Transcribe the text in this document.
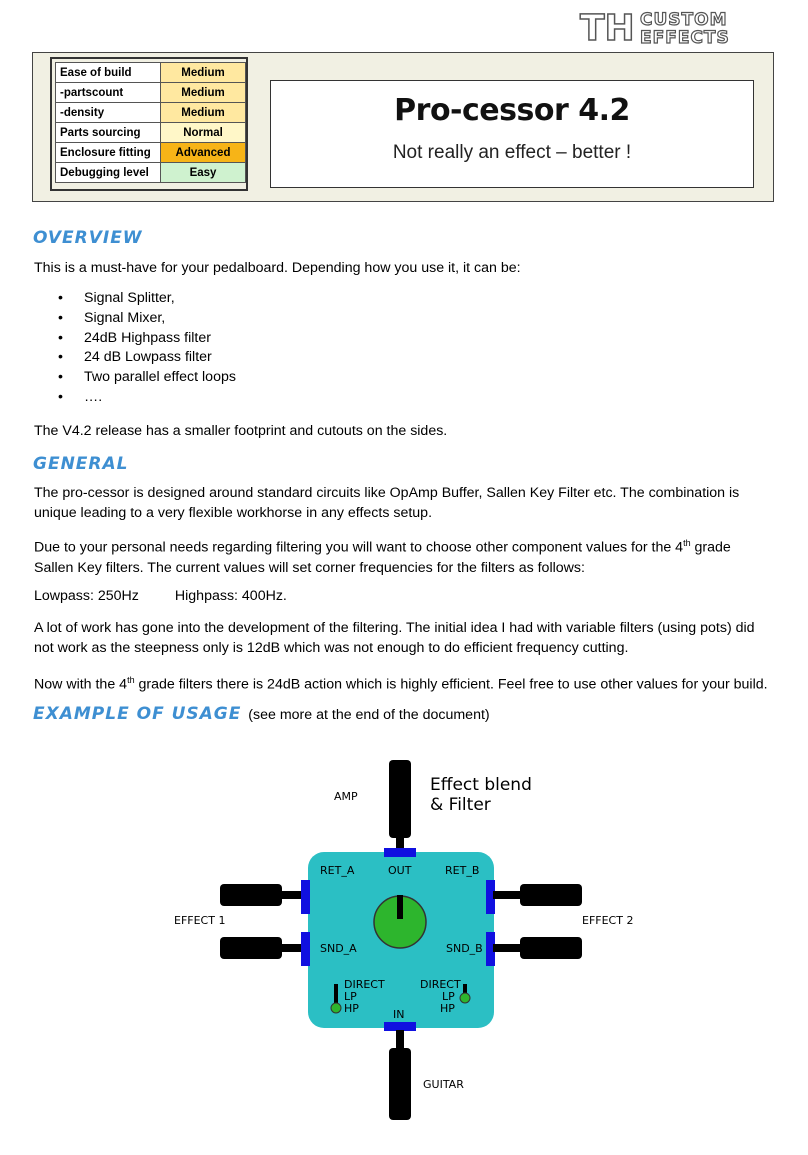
TH CUSTOM
EFFECTS
Ease of build	Medium
-partscount	Medium
-density	Medium
Parts sourcing	Normal
Enclosure fitting	Advanced
Debugging level	Easy
Pro-cessor 4.2
Not really an effect – better !
OVERVIEW
This is a must-have for your pedalboard. Depending how you use it, it can be:
• Signal Splitter,
• Signal Mixer,
• 24dB Highpass filter
• 24 dB Lowpass filter
• Two parallel effect loops
• ….
The V4.2 release has a smaller footprint and cutouts on the sides.
GENERAL
The pro-cessor is designed around standard circuits like OpAmp Buffer, Sallen Key Filter etc. The combination is unique leading to a very flexible workhorse in any effects setup.
Due to your personal needs regarding filtering you will want to choose other component values for the 4th grade Sallen Key filters. The current values will set corner frequencies for the filters as follows:
Lowpass: 250Hz	Highpass: 400Hz.
A lot of work has gone into the development of the filtering. The initial idea I had with variable filters (using pots) did not work as the steepness only is 12dB which was not enough to do efficient frequency cutting.
Now with the 4th grade filters there is 24dB action which is highly efficient. Feel free to use other values for your build.
EXAMPLE OF USAGE (see more at the end of the document)
AMP
GUITAR
EFFECT 1	EFFECT 2
OUT
IN
RET_A
SND_A
RET_B
SND_B
DIRECT
LP
HP
DIRECT
LP
HP
Effect blend
& Filter
